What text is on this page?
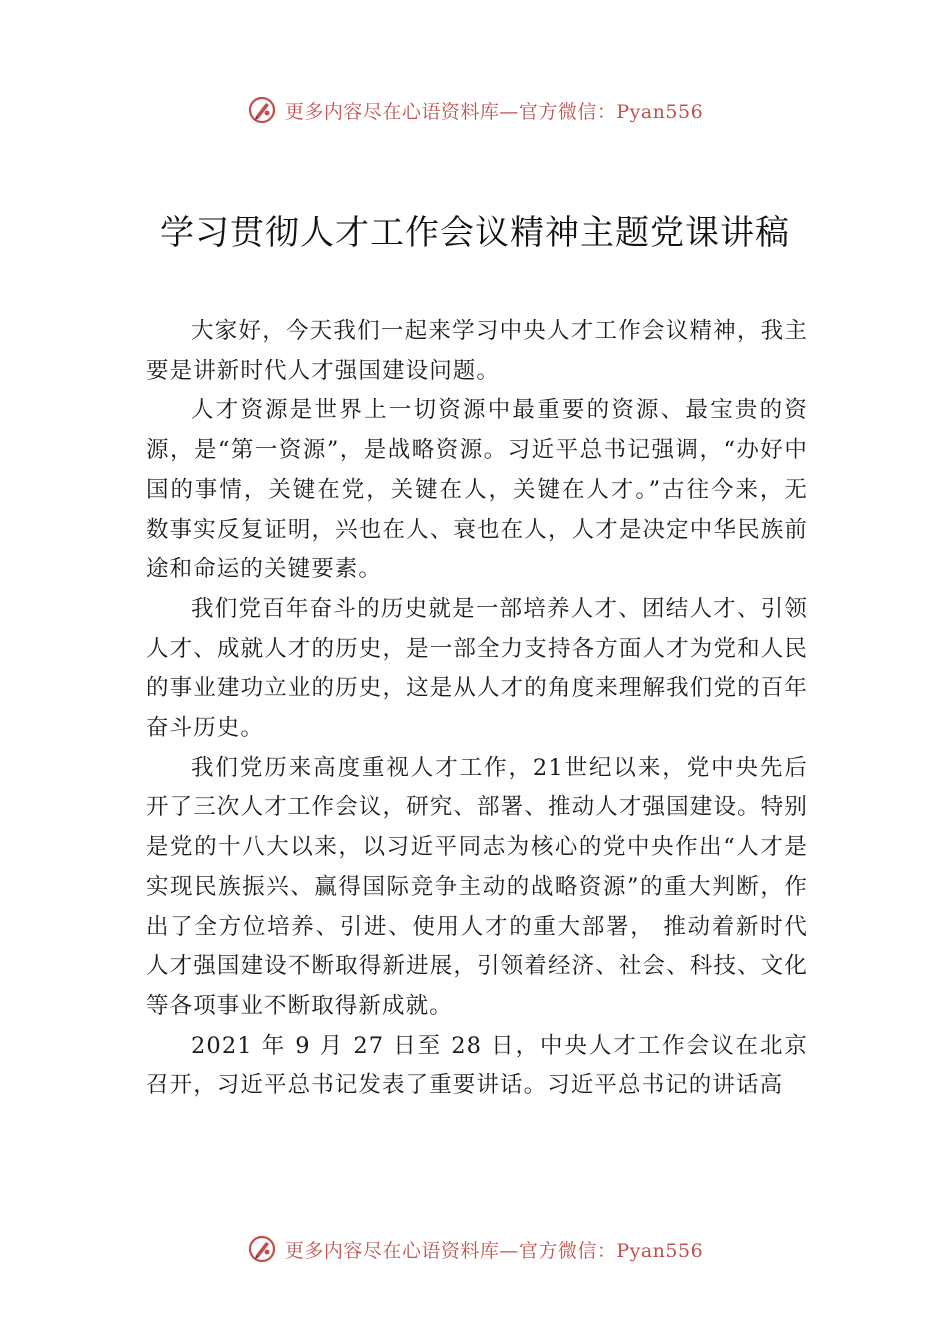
更多内容尽在心语资料库—官方微信：Pyan556
学习贯彻人才工作会议精神主题党课讲稿

大家好，今天我们一起来学习中央人才工作会议精神，我主要是讲新时代人才强国建设问题。

人才资源是世界上一切资源中最重要的资源、最宝贵的资源，是“第一资源”，是战略资源。习近平总书记强调，“办好中国的事情，关键在党，关键在人，关键在人才。”古往今来，无数事实反复证明，兴也在人、衰也在人，人才是决定中华民族前途和命运的关键要素。

我们党百年奋斗的历史就是一部培养人才、团结人才、引领人才、成就人才的历史，是一部全力支持各方面人才为党和人民的事业建功立业的历史，这是从人才的角度来理解我们党的百年奋斗历史。

我们党历来高度重视人才工作，21世纪以来，党中央先后开了三次人才工作会议，研究、部署、推动人才强国建设。特别是党的十八大以来，以习近平同志为核心的党中央作出“人才是实现民族振兴、赢得国际竞争主动的战略资源”的重大判断，作出了全方位培养、引进、使用人才的重大部署， 推动着新时代人才强国建设不断取得新进展，引领着经济、社会、科技、文化等各项事业不断取得新成就。

2021 年 9 月 27 日至 28 日，中央人才工作会议在北京召开，习近平总书记发表了重要讲话。习近平总书记的讲话高

更多内容尽在心语资料库—官方微信：Pyan556
